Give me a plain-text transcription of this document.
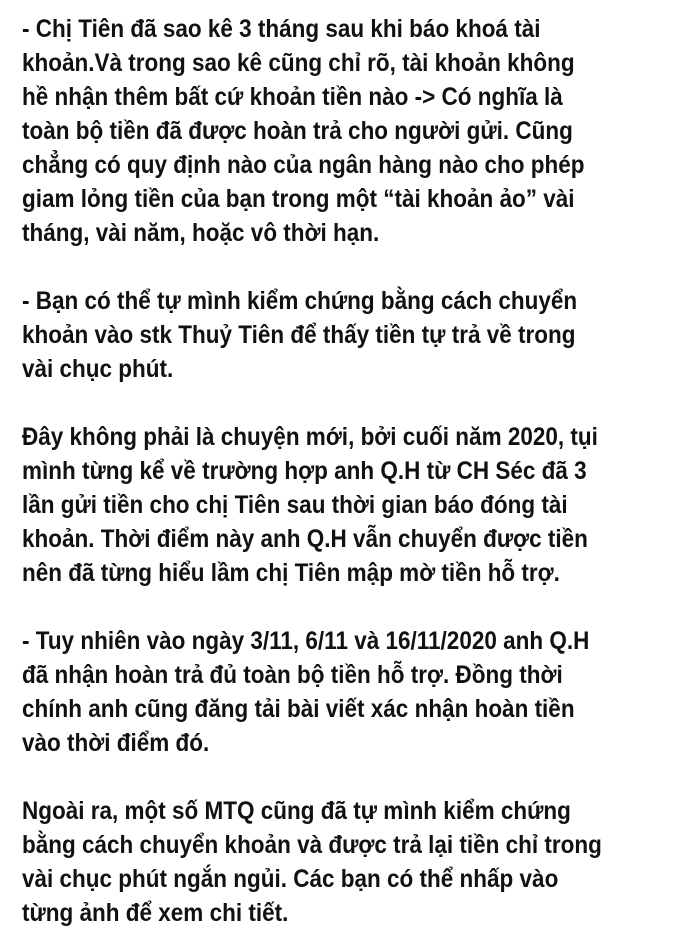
- Chị Tiên đã sao kê 3 tháng sau khi báo khoá tài
khoản.Và trong sao kê cũng chỉ rõ, tài khoản không
hề nhận thêm bất cứ khoản tiền nào -> Có nghĩa là
toàn bộ tiền đã được hoàn trả cho người gửi. Cũng
chẳng có quy định nào của ngân hàng nào cho phép
giam lỏng tiền của bạn trong một “tài khoản ảo” vài
tháng, vài năm, hoặc vô thời hạn.
- Bạn có thể tự mình kiểm chứng bằng cách chuyển
khoản vào stk Thuỷ Tiên để thấy tiền tự trả về trong
vài chục phút.
Đây không phải là chuyện mới, bởi cuối năm 2020, tụi
mình từng kể về trường hợp anh Q.H từ CH Séc đã 3
lần gửi tiền cho chị Tiên sau thời gian báo đóng tài
khoản. Thời điểm này anh Q.H vẫn chuyển được tiền
nên đã từng hiểu lầm chị Tiên mập mờ tiền hỗ trợ.
- Tuy nhiên vào ngày 3/11, 6/11 và 16/11/2020 anh Q.H
đã nhận hoàn trả đủ toàn bộ tiền hỗ trợ. Đồng thời
chính anh cũng đăng tải bài viết xác nhận hoàn tiền
vào thời điểm đó.
Ngoài ra, một số MTQ cũng đã tự mình kiểm chứng
bằng cách chuyển khoản và được trả lại tiền chỉ trong
vài chục phút ngắn ngủi. Các bạn có thể nhấp vào
từng ảnh để xem chi tiết.
